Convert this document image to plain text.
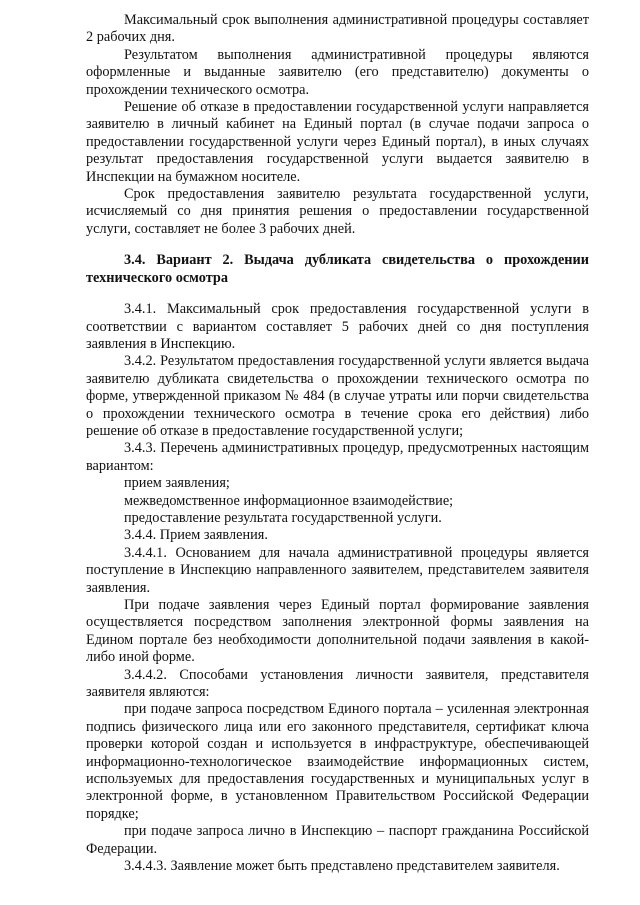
Максимальный срок выполнения административной процедуры составляет 2 рабочих дня.

Результатом выполнения административной процедуры являются оформленные и выданные заявителю (его представителю) документы о прохождении технического осмотра.

Решение об отказе в предоставлении государственной услуги направляется заявителю в личный кабинет на Единый портал (в случае подачи запроса о предоставлении государственной услуги через Единый портал), в иных случаях результат предоставления государственной услуги выдается заявителю в Инспекции на бумажном носителе.

Срок предоставления заявителю результата государственной услуги, исчисляемый со дня принятия решения о предоставлении государственной услуги, составляет не более 3 рабочих дней.

3.4. Вариант 2. Выдача дубликата свидетельства о прохождении технического осмотра

3.4.1. Максимальный срок предоставления государственной услуги в соответствии с вариантом составляет 5 рабочих дней со дня поступления заявления в Инспекцию.

3.4.2. Результатом предоставления государственной услуги является выдача заявителю дубликата свидетельства о прохождении технического осмотра по форме, утвержденной приказом № 484 (в случае утраты или порчи свидетельства о прохождении технического осмотра в течение срока его действия) либо решение об отказе в предоставление государственной услуги;

3.4.3. Перечень административных процедур, предусмотренных настоящим вариантом:

прием заявления;

межведомственное информационное взаимодействие;

предоставление результата государственной услуги.

3.4.4. Прием заявления.

3.4.4.1. Основанием для начала административной процедуры является поступление в Инспекцию направленного заявителем, представителем заявителя заявления.

При подаче заявления через Единый портал формирование заявления осуществляется посредством заполнения электронной формы заявления на Едином портале без необходимости дополнительной подачи заявления в какой-либо иной форме.

3.4.4.2. Способами установления личности заявителя, представителя заявителя являются:

при подаче запроса посредством Единого портала – усиленная электронная подпись физического лица или его законного представителя, сертификат ключа проверки которой создан и используется в инфраструктуре, обеспечивающей информационно-технологическое взаимодействие информационных систем, используемых для предоставления государственных и муниципальных услуг в электронной форме, в установленном Правительством Российской Федерации порядке;

при подаче запроса лично в Инспекцию – паспорт гражданина Российской Федерации.

3.4.4.3. Заявление может быть представлено представителем заявителя.
